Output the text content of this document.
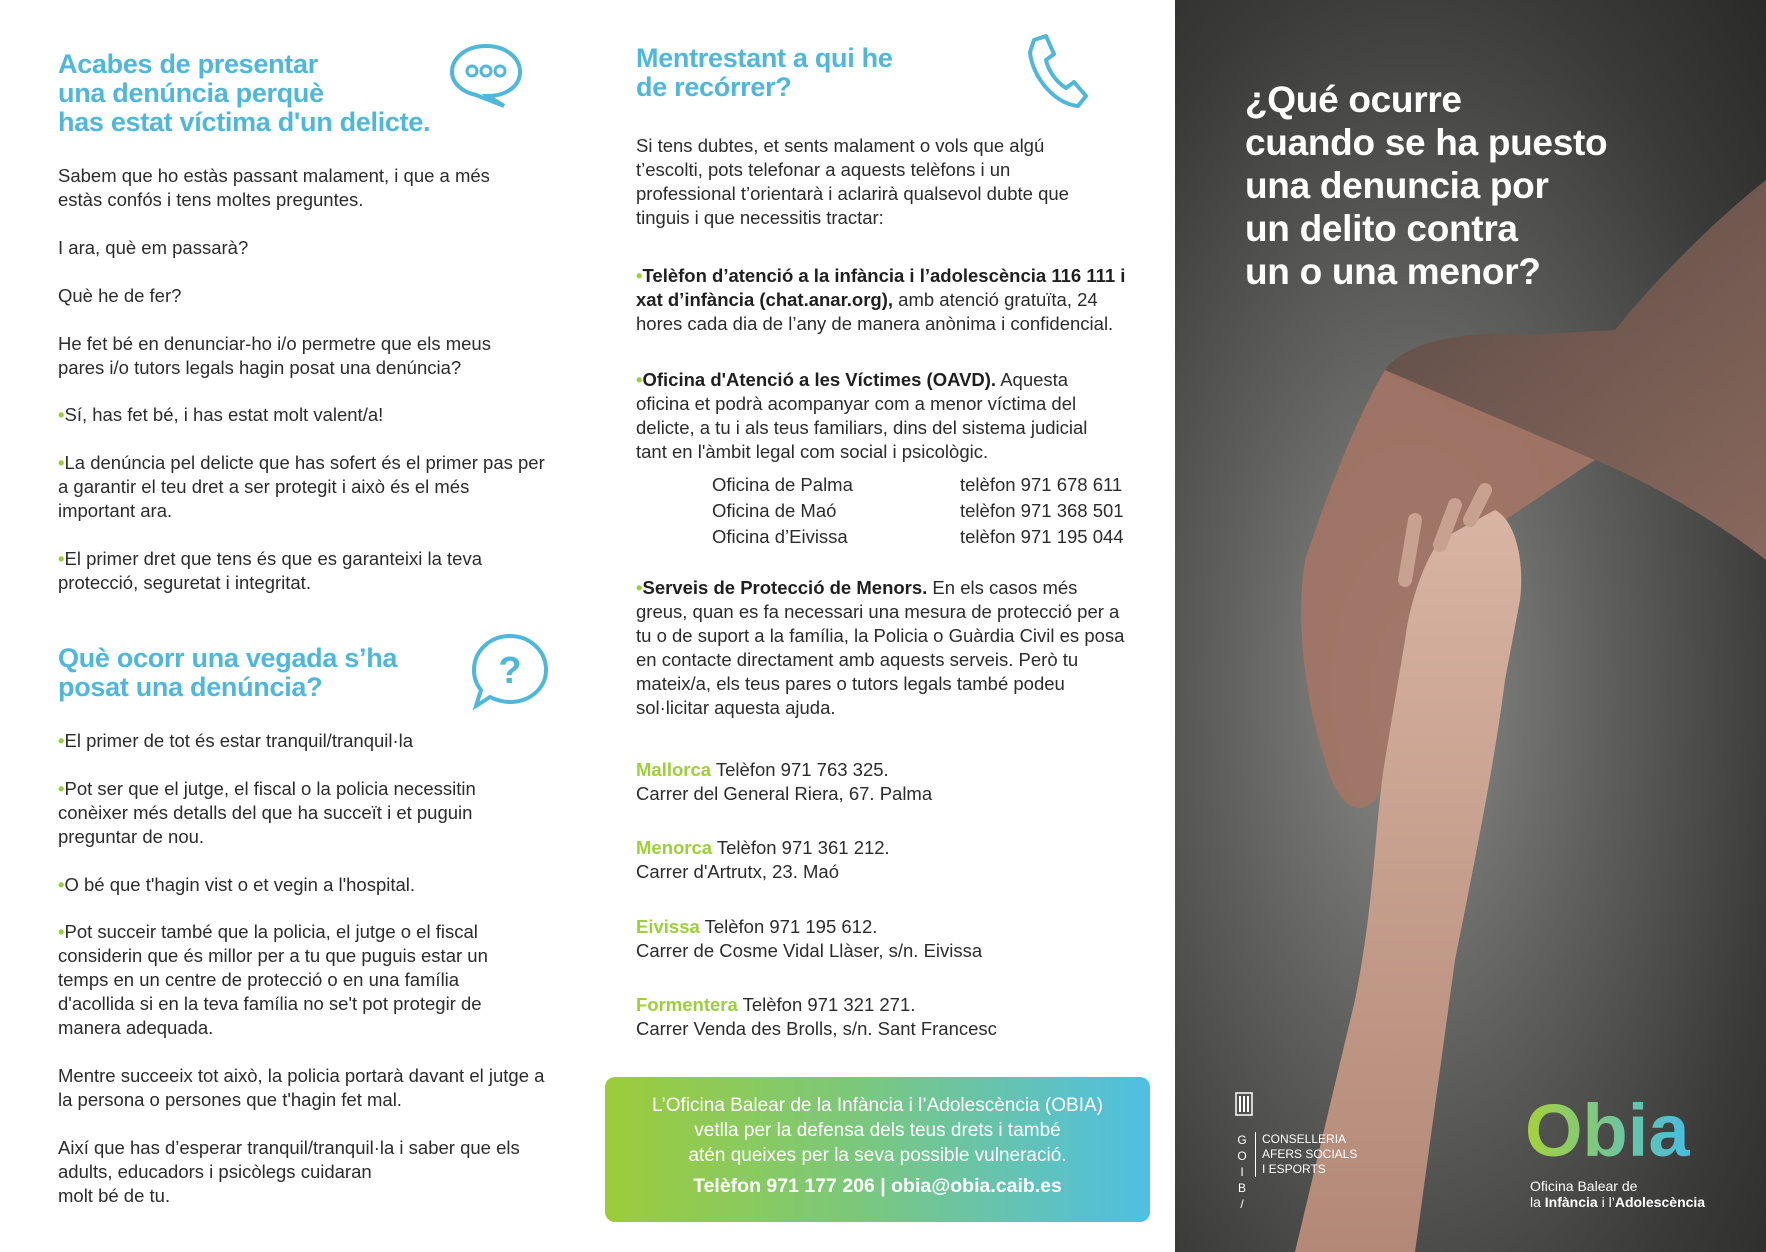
Acabes de presentar
una denúncia perquè
has estat víctima d'un delicte.

Sabem que ho estàs passant malament, i que a més estàs confós i tens moltes preguntes.

I ara, què em passarà?

Què he de fer?

He fet bé en denunciar-ho i/o permetre que els meus pares i/o tutors legals hagin posat una denúncia?

• Sí, has fet bé, i has estat molt valent/a!

• La denúncia pel delicte que has sofert és el primer pas per a garantir el teu dret a ser protegit i això és el més important ara.

• El primer dret que tens és que es garanteixi la teva protecció, seguretat i integritat.

Què ocorr una vegada s’ha
posat una denúncia?	?

• El primer de tot és estar tranquil/tranquil·la

• Pot ser que el jutge, el fiscal o la policia necessitin conèixer més detalls del que ha succeït i et puguin preguntar de nou.

• O bé que t'hagin vist o et vegin a l'hospital.

• Pot succeir també que la policia, el jutge o el fiscal considerin que és millor per a tu que puguis estar un temps en un centre de protecció o en una família d'acollida si en la teva família no se't pot protegir de manera adequada.

Mentre succeeix tot això, la policia portarà davant el jutge a la persona o persones que t'hagin fet mal.

Així que has d’esperar tranquil/tranquil·la i saber que els
adults, educadors i psicòlegs cuidaran
molt bé de tu.

Mentrestant a qui he
de recórrer?

Si tens dubtes, et sents malament o vols que algú t’escolti, pots telefonar a aquests telèfons i un professional t’orientarà i aclarirà qualsevol dubte que tinguis i que necessitis tractar:

• Telèfon d’atenció a la infància i l’adolescència 116 111 i xat d’infància (chat.anar.org), amb atenció gratuïta, 24 hores cada dia de l’any de manera anònima i confidencial.

• Oficina d'Atenció a les Víctimes (OAVD). Aquesta oficina et podrà acompanyar com a menor víctima del delicte, a tu i als teus familiars, dins del sistema judicial tant en l'àmbit legal com social i psicològic.

Oficina de Palma	telèfon 971 678 611
Oficina de Maó	telèfon 971 368 501
Oficina d’Eivissa	telèfon 971 195 044

• Serveis de Protecció de Menors. En els casos més greus, quan es fa necessari una mesura de protecció per a tu o de suport a la família, la Policia o Guàrdia Civil es posa en contacte directament amb aquests serveis. Però tu mateix/a, els teus pares o tutors legals també podeu sol·licitar aquesta ajuda.

Mallorca Telèfon 971 763 325.
Carrer del General Riera, 67. Palma

Menorca Telèfon 971 361 212.
Carrer d'Artrutx, 23. Maó

Eivissa Telèfon 971 195 612.
Carrer de Cosme Vidal Llàser, s/n. Eivissa

Formentera Telèfon 971 321 271.
Carrer Venda des Brolls, s/n. Sant Francesc

L’Oficina Balear de la Infància i l’Adolescència (OBIA)
vetlla per la defensa dels teus drets i també
atén queixes per la seva possible vulneració.
Telèfon 971 177 206 | obia@obia.caib.es
¿Qué ocurre
cuando se ha puesto
una denuncia por
un delito contra
un o una menor?
G
O
I
B
/
CONSELLERIA
AFERS SOCIALS
I ESPORTS	Obia
Oficina Balear de
la Infància i l’Adolescència
